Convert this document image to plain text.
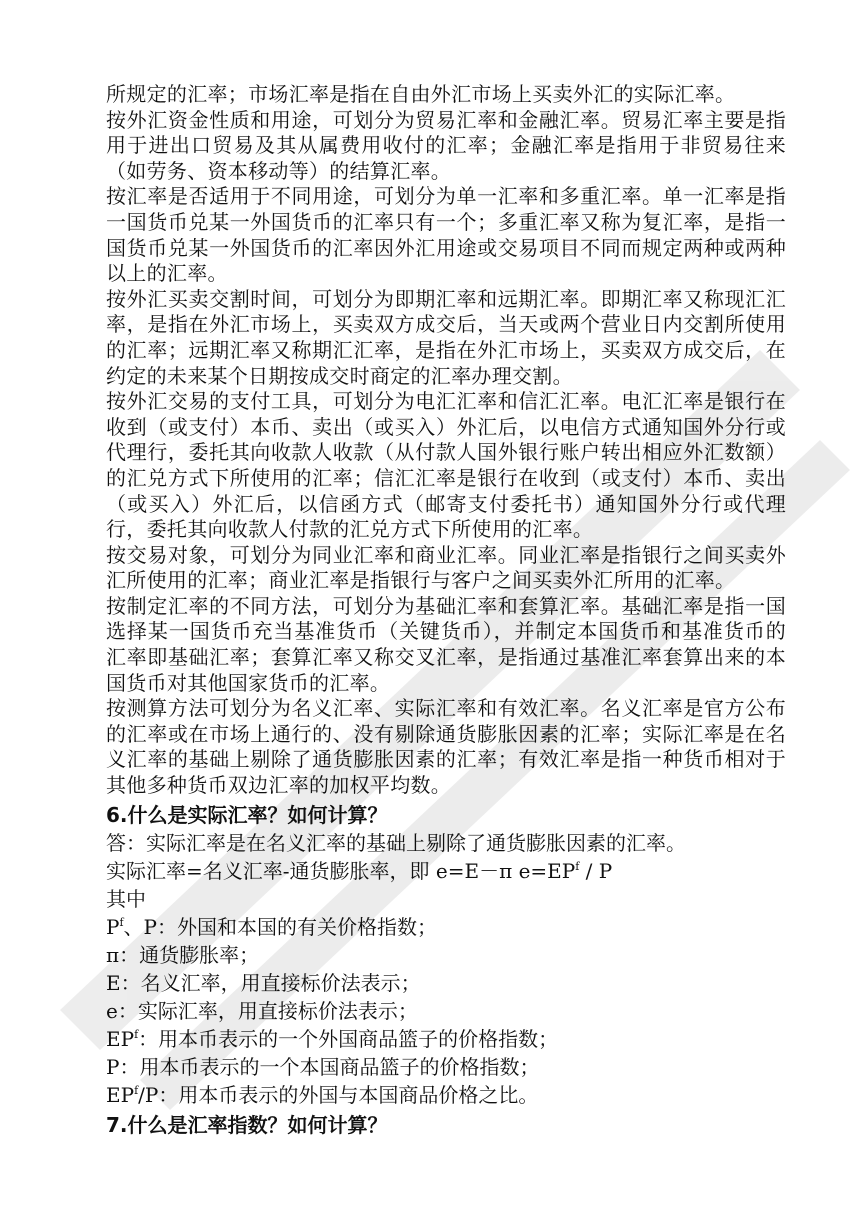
所规定的汇率；市场汇率是指在自由外汇市场上买卖外汇的实际汇率。

按外汇资金性质和用途，可划分为贸易汇率和金融汇率。贸易汇率主要是指用于进出口贸易及其从属费用收付的汇率；金融汇率是指用于非贸易往来（如劳务、资本移动等）的结算汇率。

按汇率是否适用于不同用途，可划分为单一汇率和多重汇率。单一汇率是指一国货币兑某一外国货币的汇率只有一个；多重汇率又称为复汇率，是指一国货币兑某一外国货币的汇率因外汇用途或交易项目不同而规定两种或两种以上的汇率。

按外汇买卖交割时间，可划分为即期汇率和远期汇率。即期汇率又称现汇汇率，是指在外汇市场上，买卖双方成交后，当天或两个营业日内交割所使用的汇率；远期汇率又称期汇汇率，是指在外汇市场上，买卖双方成交后，在约定的未来某个日期按成交时商定的汇率办理交割。

按外汇交易的支付工具，可划分为电汇汇率和信汇汇率。电汇汇率是银行在收到（或支付）本币、卖出（或买入）外汇后，以电信方式通知国外分行或代理行，委托其向收款人收款（从付款人国外银行账户转出相应外汇数额）的汇兑方式下所使用的汇率；信汇汇率是银行在收到（或支付）本币、卖出（或买入）外汇后，以信函方式（邮寄支付委托书）通知国外分行或代理行，委托其向收款人付款的汇兑方式下所使用的汇率。

按交易对象，可划分为同业汇率和商业汇率。同业汇率是指银行之间买卖外汇所使用的汇率；商业汇率是指银行与客户之间买卖外汇所用的汇率。

按制定汇率的不同方法，可划分为基础汇率和套算汇率。基础汇率是指一国选择某一国货币充当基准货币（关键货币），并制定本国货币和基准货币的汇率即基础汇率；套算汇率又称交叉汇率，是指通过基准汇率套算出来的本国货币对其他国家货币的汇率。

按测算方法可划分为名义汇率、实际汇率和有效汇率。名义汇率是官方公布的汇率或在市场上通行的、没有剔除通货膨胀因素的汇率；实际汇率是在名义汇率的基础上剔除了通货膨胀因素的汇率；有效汇率是指一种货币相对于其他多种货币双边汇率的加权平均数。

6.什么是实际汇率？如何计算？

答：实际汇率是在名义汇率的基础上剔除了通货膨胀因素的汇率。

实际汇率=名义汇率-通货膨胀率，即 e=E－π $e=EP^f / P$

其中

$P^f$、P：外国和本国的有关价格指数；

π：通货膨胀率；

E：名义汇率，用直接标价法表示；

e：实际汇率，用直接标价法表示；

$EP^f$：用本币表示的一个外国商品篮子的价格指数；

P：用本币表示的一个本国商品篮子的价格指数；

$EP^f/P$：用本币表示的外国与本国商品价格之比。

7.什么是汇率指数？如何计算？
